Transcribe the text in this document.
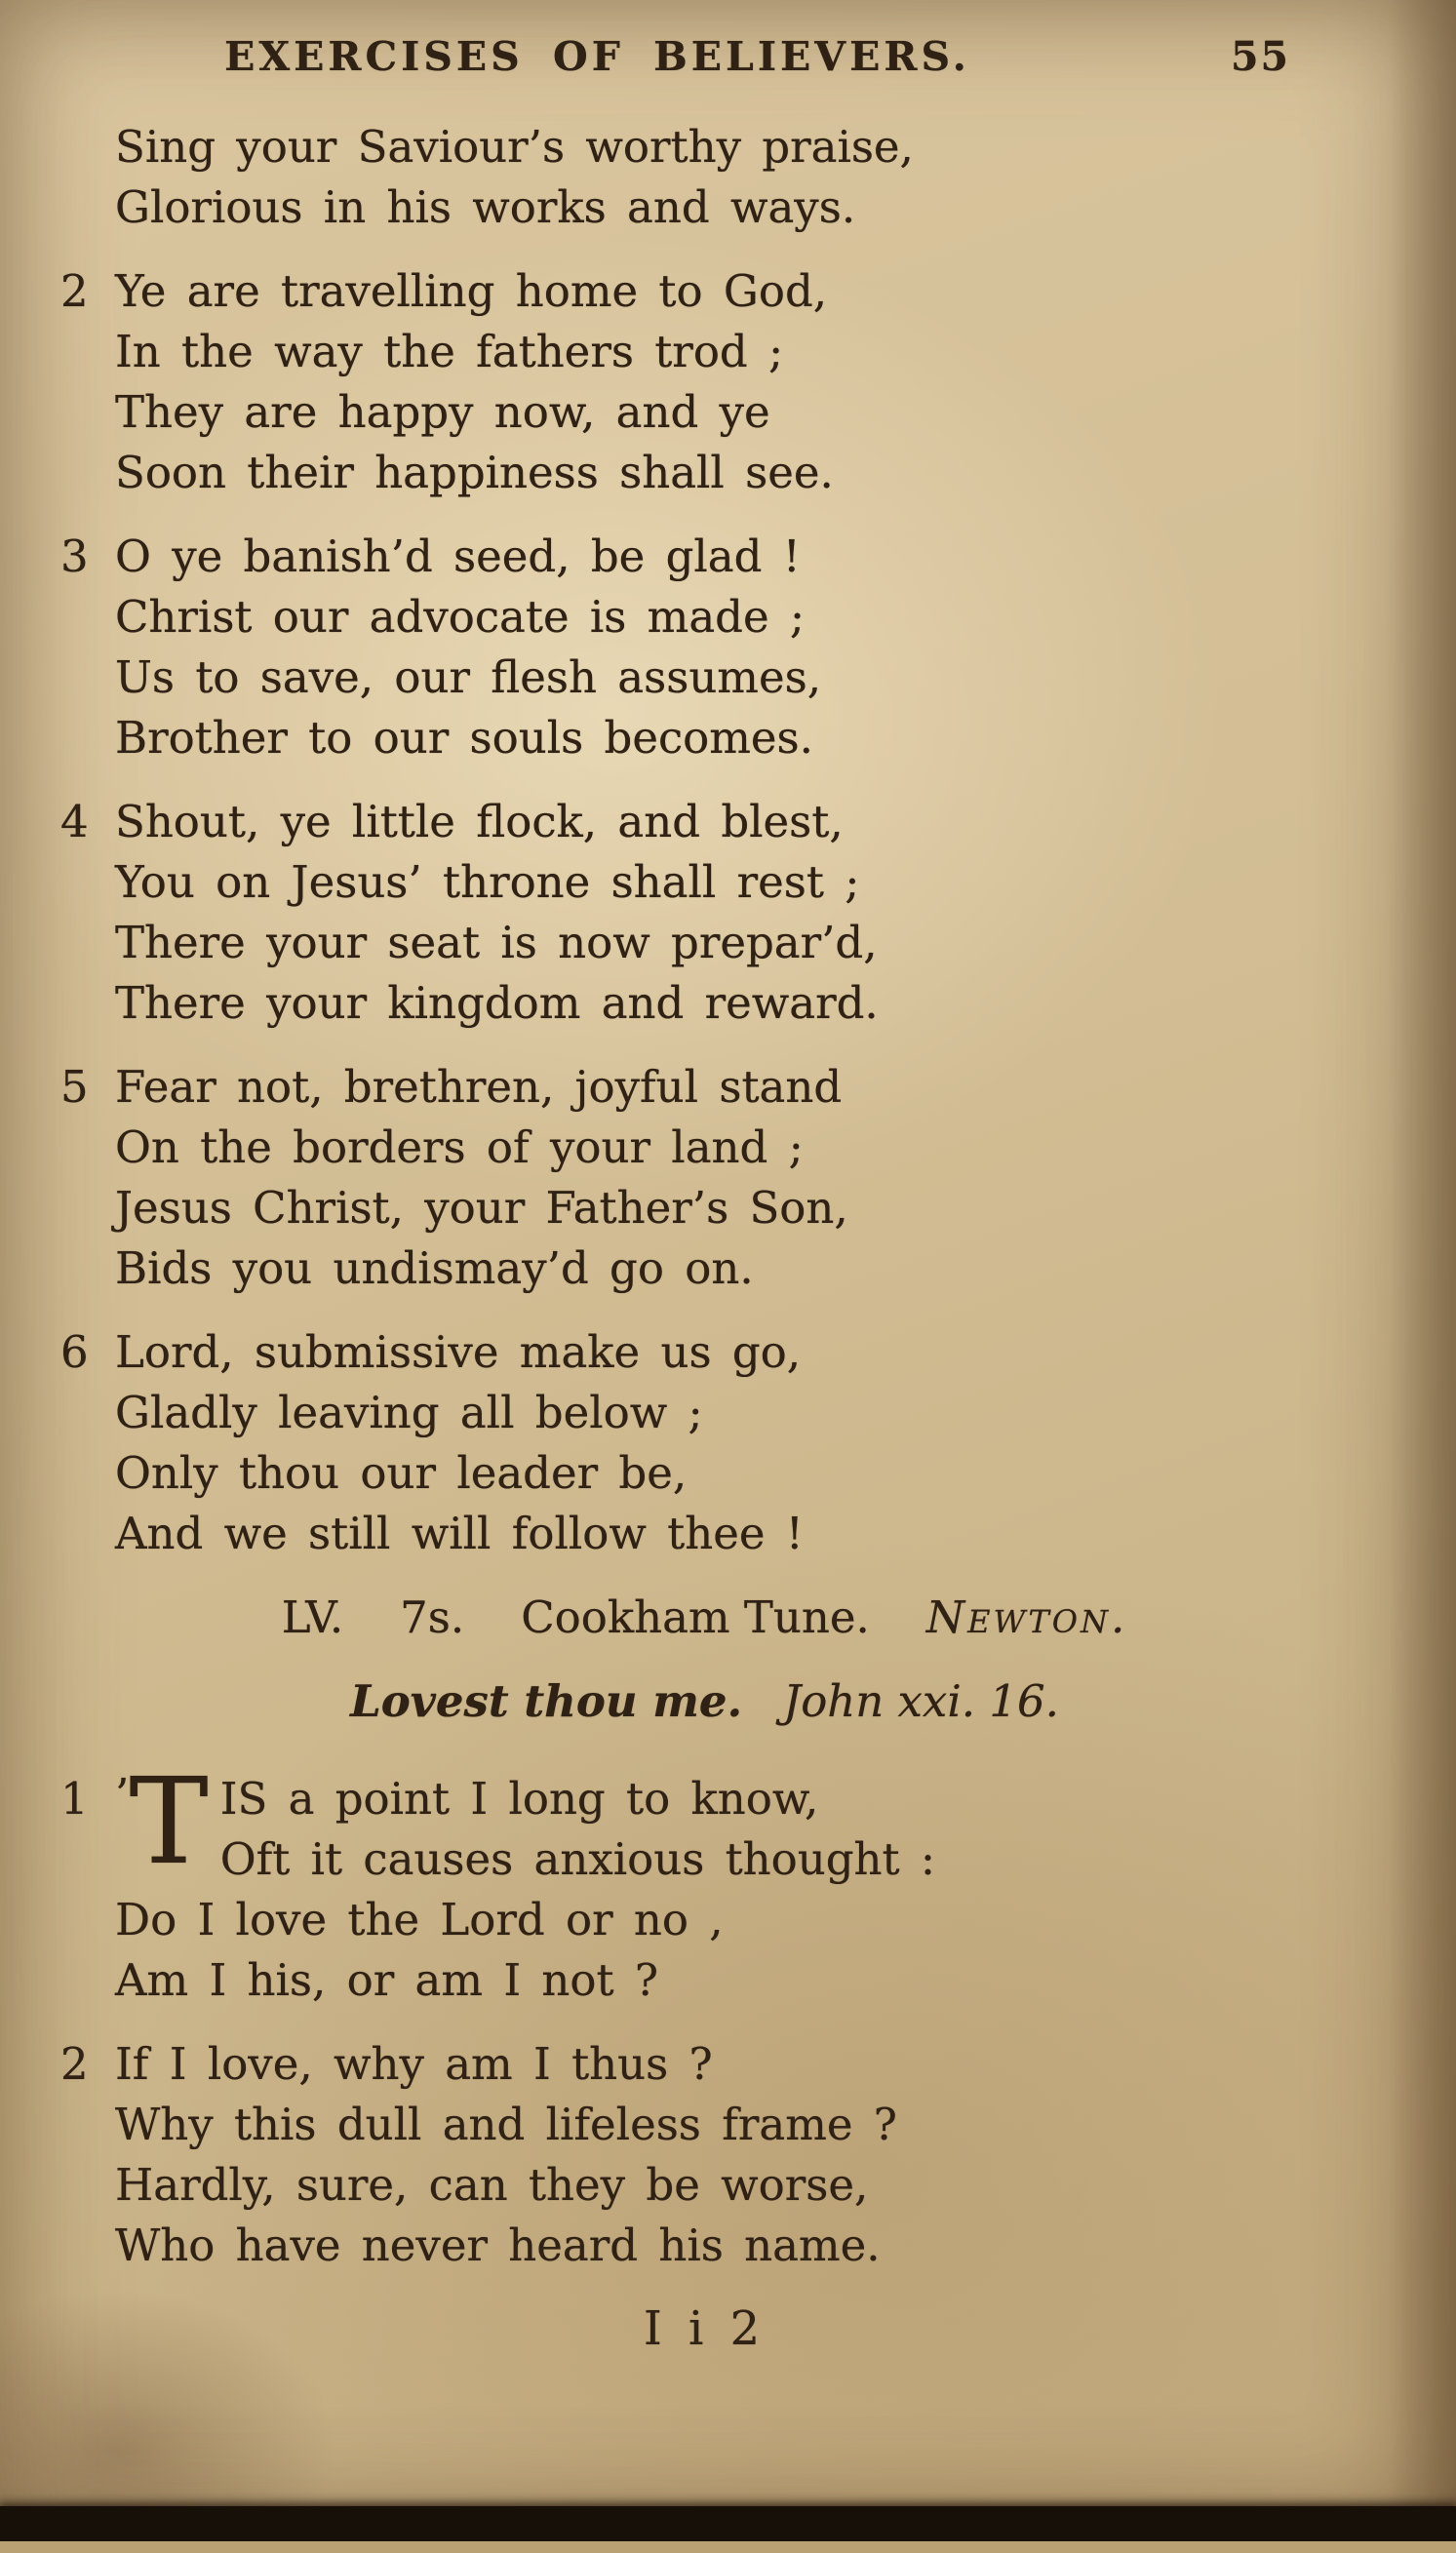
EXERCISES OF BELIEVERS.	55
Sing your Saviour’s worthy praise,
Glorious in his works and ways.
2 Ye are travelling home to God,
In the way the fathers trod ;
They are happy now, and ye
Soon their happiness shall see.
3 O ye banish’d seed, be glad !
Christ our advocate is made ;
Us to save, our flesh assumes,
Brother to our souls becomes.
4 Shout, ye little flock, and blest,
You on Jesus’ throne shall rest ;
There your seat is now prepar’d,
There your kingdom and reward.
5 Fear not, brethren, joyful stand
On the borders of your land ;
Jesus Christ, your Father’s Son,
Bids you undismay’d go on.
6 Lord, submissive make us go,
Gladly leaving all below ;
Only thou our leader be,
And we still will follow thee !
LV. 7s. Cookham Tune. Newton.
Lovest thou me. John xxi. 16.
1 ’ T IS a point I long to know,
Oft it causes anxious thought :
Do I love the Lord or no ,
Am I his, or am I not ?
2 If I love, why am I thus ?
Why this dull and lifeless frame ?
Hardly, sure, can they be worse,
Who have never heard his name.
I i 2
